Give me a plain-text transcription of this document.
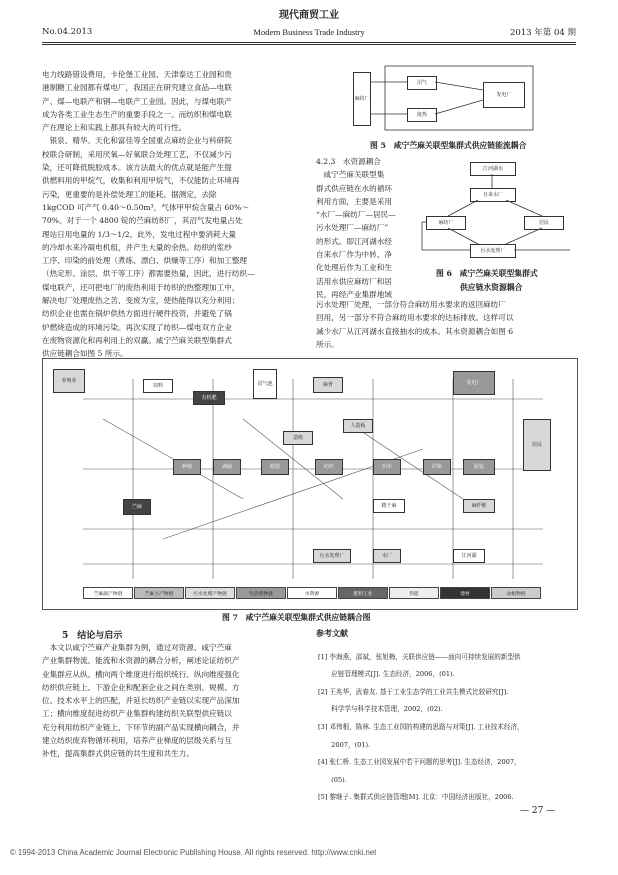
现代商贸工业
No.04.2013	Modern Business Trade Industry	2013 年第 04 期

电力线路错设费用，卡伦堡工业园、天津泰达工业园和贵

港制糖工业园都有煤电厂，我国正在研究建立食品—电联

产、煤—电联产和钢—电联产工业园。因此，与煤电联产

成为各类工业生态生产的重要手段之一。而纺织和煤电联

产在理论上和实践上都具有较大的可行性。

　银泉、精华、天化和富佳等全国重点麻纺企业与科研院

校联合研制，采用厌氧—好氧联合处理工艺，不仅减少污

染，还可降低脱胶成本。该方法最大的优点就是能产生提

供燃料用的甲烷气，收集和利用甲烷气，不仅能防止环境再

污染，更重要的是补偿处理工的能耗。据测定，去除

1kgCOD 可产气 0.40～0.50m³，气体甲甲烷含量占 60%～

70%。对于一个 4800 锭的苎麻纺织厂，其沼气发电量占处

理站日用电量的 1/3～1/2。此外，发电过程中要消耗大量

的冷却水来冷凝电机组，并产生大量的余热。纺织的浆纱

工序、印染的前处理（煮练、漂白、烘燥等工序）和加工整理

（热定形、涂层、烘干等工序）都需要热量，因此，进行纺织—

煤电联产，还可把电厂的废热利用于纺织的热整理加工中，

解决电厂处理废热之苦、变废为宝，使热能得以充分利用；

纺织企业也需在锅炉供热方面进行硬件投资，并避免了锅

炉燃烧造成的环境污染。再次实现了纺织—煤电双方企业

在废物资源化和再利用上的双赢。咸宁苎麻关联型集群式

供应链耦合如图 5 所示。

麻纺厂
沼气
发电厂
废热
图 5　咸宁苎麻关联型集群式供应链能流耦合

4.2.3　水资源耦合

　咸宁苎麻关联型集

群式供应链在水的循环

利用方面，主要是采用

“水厂—麻纺厂—居民—

污水处理厂—麻纺厂”

的形式。即江河湖水经

自来水厂作为中转、净

化处理后作为工业和生

活用水供应麻纺厂和居

民，再经产业集群地域

江河湖水
自来水厂
麻纺厂
污水处理厂
居民
图 6　咸宁苎麻关联型集群式
供应链水资源耦合

污水处理厂处理，一部分符合麻纺用水要求的返回麻纺厂

回用，另一部分不符合麻纺用水要求的达标排放。这样可以

减少水厂从江河湖水直接抽水的成本。其水资源耦合如图 6

所示。

养殖业
饲料
有机肥
沼气池	麻骨
人造板
造纸
发电厂
种植	剥麻	脱胶	纺纱	织布	印染	服装
居民
污水处理厂	水厂	江河湖
精干麻	麻纤维
苎麻
苎麻副产物链	苎麻主产物链	污水处理产物链	生活废物链	水资源	肥料工业	热能	建材	动植物链
图 7　咸宁苎麻关联型集群式供应链耦合图
5　结论与启示

　本文以咸宁苎麻产业集群为例，通过对资源、咸宁苎麻

产业集群物流、能流和水资源的耦合分析，阐述论证纺织产

业集群应从纵、横向两个维度进行组织统行。纵向维度强化

纺织供应链上、下游企业和配套企业之间在类别、规模、方

位、技术水平上的匹配，并延长纺织产业链以实现产品深加

工；横向维度促进纺织产业集群构建纺织关联型供应链以

充分利用纺织产业链上、下环节的副产品实现横向耦合，并

建立纺织废弃物循环利用，培养产业梯度的层级关系与互

补性，提高集群式供应链的共生度和共生力。

参考文献

[1] 李海燕，邵斌，张旭梅，关联供应链——面向可持续发展的新型供

　　应链管理模式[J]. 生态经济，2006，(01).

[2] 王兆华，武春友. 基于工业生态学的工业共生模式比较研究[J].

　　科学学与科学技术管理，2002，(02).

[3] 邓伟根，陈林. 生态工业园的构建的思路与对策[J]. 工业技术经济，

　　2007，(01).

[4] 张仁桥. 生态工业园发展中若干问题的思考[J]. 生态经济，2007，

　　(05).

[5] 黎继子. 集群式供应链管理[M]. 北京：中国经济出版社，2006.

— 27 —
© 1994-2013 China Academic Journal Electronic Publishing House. All rights reserved. http://www.cnki.net
